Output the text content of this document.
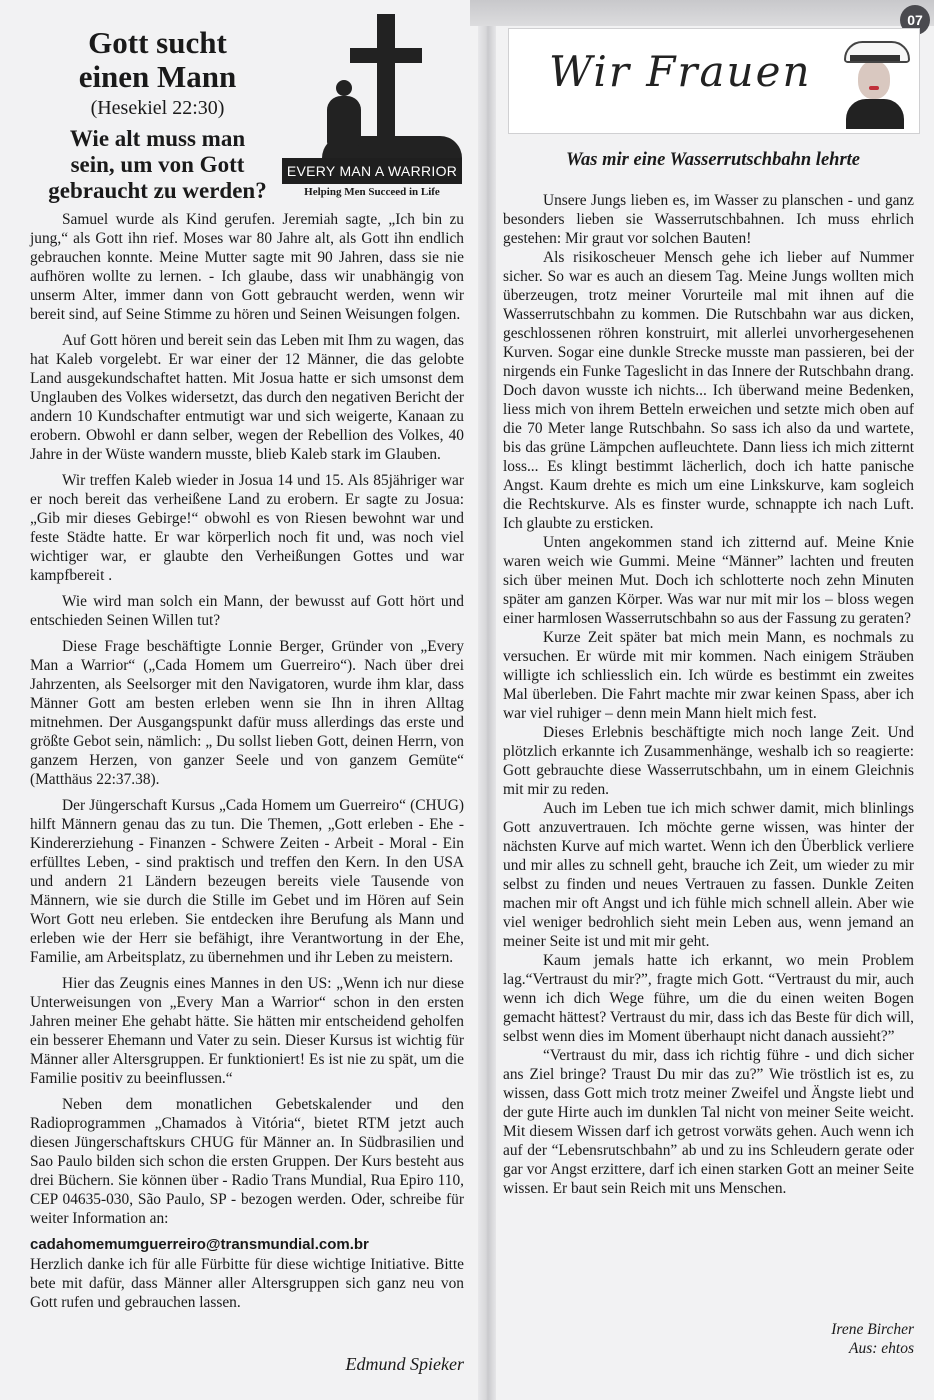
07

Gott sucht

einen Mann

(Hesekiel 22:30)

Wie alt muss man

sein, um von Gott

gebraucht zu werden?

EVERY MAN A WARRIOR
Helping Men Succeed in Life

Samuel wurde als Kind gerufen. Jeremiah sagte, „Ich bin zu jung,“ als Gott ihn rief. Moses war 80 Jahre alt, als Gott ihn endlich gebrauchen konnte. Meine Mutter sagte mit 90 Jahren, dass sie nie aufhören wollte zu lernen. - Ich glaube, dass wir unabhängig von unserm Alter, immer dann von Gott gebraucht werden, wenn wir bereit sind, auf Seine Stimme zu hören und Seinen Weisungen folgen.

Auf Gott hören und bereit sein das Leben mit Ihm zu wagen, das hat Kaleb vorgelebt. Er war einer der 12 Männer, die das gelobte Land ausgekundschaftet hatten. Mit Josua hatte er sich umsonst dem Unglauben des Volkes widersetzt, das durch den negativen Bericht der andern 10 Kundschafter entmutigt war und sich weigerte, Kanaan zu erobern. Obwohl er dann selber, wegen der Rebellion des Volkes, 40 Jahre in der Wüste wandern musste, blieb Kaleb stark im Glauben.

Wir treffen Kaleb wieder in Josua 14 und 15. Als 85jähriger war er noch bereit das verheißene Land zu erobern. Er sagte zu Josua: „Gib mir dieses Gebirge!“ obwohl es von Riesen bewohnt war und feste Städte hatte. Er war körperlich noch fit und, was noch viel wichtiger war, er glaubte den Verheißungen Gottes und war kampfbereit .

Wie wird man solch ein Mann, der bewusst auf Gott hört und entschieden Seinen Willen tut?

Diese Frage beschäftigte Lonnie Berger, Gründer von „Every Man a Warrior“ („Cada Homem um Guerreiro“). Nach über drei Jahrzenten, als Seelsorger mit den Navigatoren, wurde ihm klar, dass Männer Gott am besten erleben wenn sie Ihn in ihren Alltag mitnehmen. Der Ausgangspunkt dafür muss allerdings das erste und größte Gebot sein, nämlich: „ Du sollst lieben Gott, deinen Herrn, von ganzem Herzen, von ganzer Seele und von ganzem Gemüte“ (Matthäus 22:37.38).

Der Jüngerschaft Kursus „Cada Homem um Guerreiro“ (CHUG) hilft Männern genau das zu tun. Die Themen, „Gott erleben - Ehe - Kindererziehung - Finanzen - Schwere Zeiten - Arbeit - Moral - Ein erfülltes Leben, - sind praktisch und treffen den Kern. In den USA und andern 21 Ländern bezeugen bereits viele Tausende von Männern, wie sie durch die Stille im Gebet und im Hören auf Sein Wort Gott neu erleben. Sie entdecken ihre Berufung als Mann und erleben wie der Herr sie befähigt, ihre Verantwortung in der Ehe, Familie, am Arbeitsplatz, zu übernehmen und ihr Leben zu meistern.

Hier das Zeugnis eines Mannes in den US: „Wenn ich nur diese Unterweisungen von „Every Man a Warrior“ schon in den ersten Jahren meiner Ehe gehabt hätte. Sie hätten mir entscheidend geholfen ein besserer Ehemann und Vater zu sein. Dieser Kursus ist wichtig für Männer aller Altersgruppen. Er funktioniert! Es ist nie zu spät, um die Familie positiv zu beeinflussen.“

Neben dem monatlichen Gebetskalender und den Radioprogrammen „Chamados à Vitória“, bietet RTM jetzt auch diesen Jüngerschaftskurs CHUG für Männer an. In Südbrasilien und Sao Paulo bilden sich schon die ersten Gruppen. Der Kurs besteht aus drei Büchern. Sie können über - Radio Trans Mundial, Rua Epiro 110, CEP 04635-030, São Paulo, SP - bezogen werden. Oder, schreibe für weiter Information an:

cadahomemumguerreiro@transmundial.com.br

Herzlich danke ich für alle Fürbitte für diese wichtige Initiative. Bitte bete mit dafür, dass Männer aller Altersgruppen sich ganz neu von Gott rufen und gebrauchen lassen.

Edmund Spieker
Wir Frauen
Was mir eine Wasserrutschbahn lehrte

Unsere Jungs lieben es, im Wasser zu planschen - und ganz besonders lieben sie Wasserrutschbahnen. Ich muss ehrlich gestehen: Mir graut vor solchen Bauten!

Als risikoscheuer Mensch gehe ich lieber auf Nummer sicher. So war es auch an diesem Tag. Meine Jungs wollten mich überzeugen, trotz meiner Vorurteile mal mit ihnen auf die Wasserrutschbahn zu kommen. Die Rutschbahn war aus dicken, geschlossenen röhren konstruirt, mit allerlei unvorhergesehenen Kurven. Sogar eine dunkle Strecke musste man passieren, bei der nirgends ein Funke Tageslicht in das Innere der Rutschbahn drang. Doch davon wusste ich nichts... Ich überwand meine Bedenken, liess mich von ihrem Betteln erweichen und setzte mich oben auf die 70 Meter lange Rutschbahn. So sass ich also da und wartete, bis das grüne Lämpchen aufleuchtete. Dann liess ich mich zitternt loss... Es klingt bestimmt lächerlich, doch ich hatte panische Angst. Kaum drehte es mich um eine Linkskurve, kam sogleich die Rechtskurve. Als es finster wurde, schnappte ich nach Luft. Ich glaubte zu ersticken.

Unten angekommen stand ich zitternd auf. Meine Knie waren weich wie Gummi. Meine “Männer” lachten und freuten sich über meinen Mut. Doch ich schlotterte noch zehn Minuten später am ganzen Körper. Was war nur mit mir los – bloss wegen einer harmlosen Wasserrutschbahn so aus der Fassung zu geraten?

Kurze Zeit später bat mich mein Mann, es nochmals zu versuchen. Er würde mit mir kommen. Nach einigem Sträuben willigte ich schliesslich ein. Ich würde es bestimmt ein zweites Mal überleben. Die Fahrt machte mir zwar keinen Spass, aber ich war viel ruhiger – denn mein Mann hielt mich fest.

Dieses Erlebnis beschäftigte mich noch lange Zeit. Und plötzlich erkannte ich Zusammenhänge, weshalb ich so reagierte: Gott gebrauchte diese Wasserrutschbahn, um in einem Gleichnis mit mir zu reden.

Auch im Leben tue ich mich schwer damit, mich blinlings Gott anzuvertrauen. Ich möchte gerne wissen, was hinter der nächsten Kurve auf mich wartet. Wenn ich den Überblick verliere und mir alles zu schnell geht, brauche ich Zeit, um wieder zu mir selbst zu finden und neues Vertrauen zu fassen. Dunkle Zeiten machen mir oft Angst und ich fühle mich schnell allein. Aber wie viel weniger bedrohlich sieht mein Leben aus, wenn jemand an meiner Seite ist und mit mir geht.

Kaum jemals hatte ich erkannt, wo mein Problem lag.“Vertraust du mir?”, fragte mich Gott. “Vertraust du mir, auch wenn ich dich Wege führe, um die du einen weiten Bogen gemacht hättest? Vertraust du mir, dass ich das Beste für dich will, selbst wenn dies im Moment überhaupt nicht danach aussieht?”

“Vertraust du mir, dass ich richtig führe - und dich sicher ans Ziel bringe? Traust Du mir das zu?” Wie tröstlich ist es, zu wissen, dass Gott mich trotz meiner Zweifel und Ängste liebt und der gute Hirte auch im dunklen Tal nicht von meiner Seite weicht. Mit diesem Wissen darf ich getrost vorwäts gehen. Auch wenn ich auf der “Lebensrutschbahn” ab und zu ins Schleudern gerate oder gar vor Angst erzittere, darf ich einen starken Gott an meiner Seite wissen. Er baut sein Reich mit uns Menschen.

Irene Bircher
Aus: ehtos
